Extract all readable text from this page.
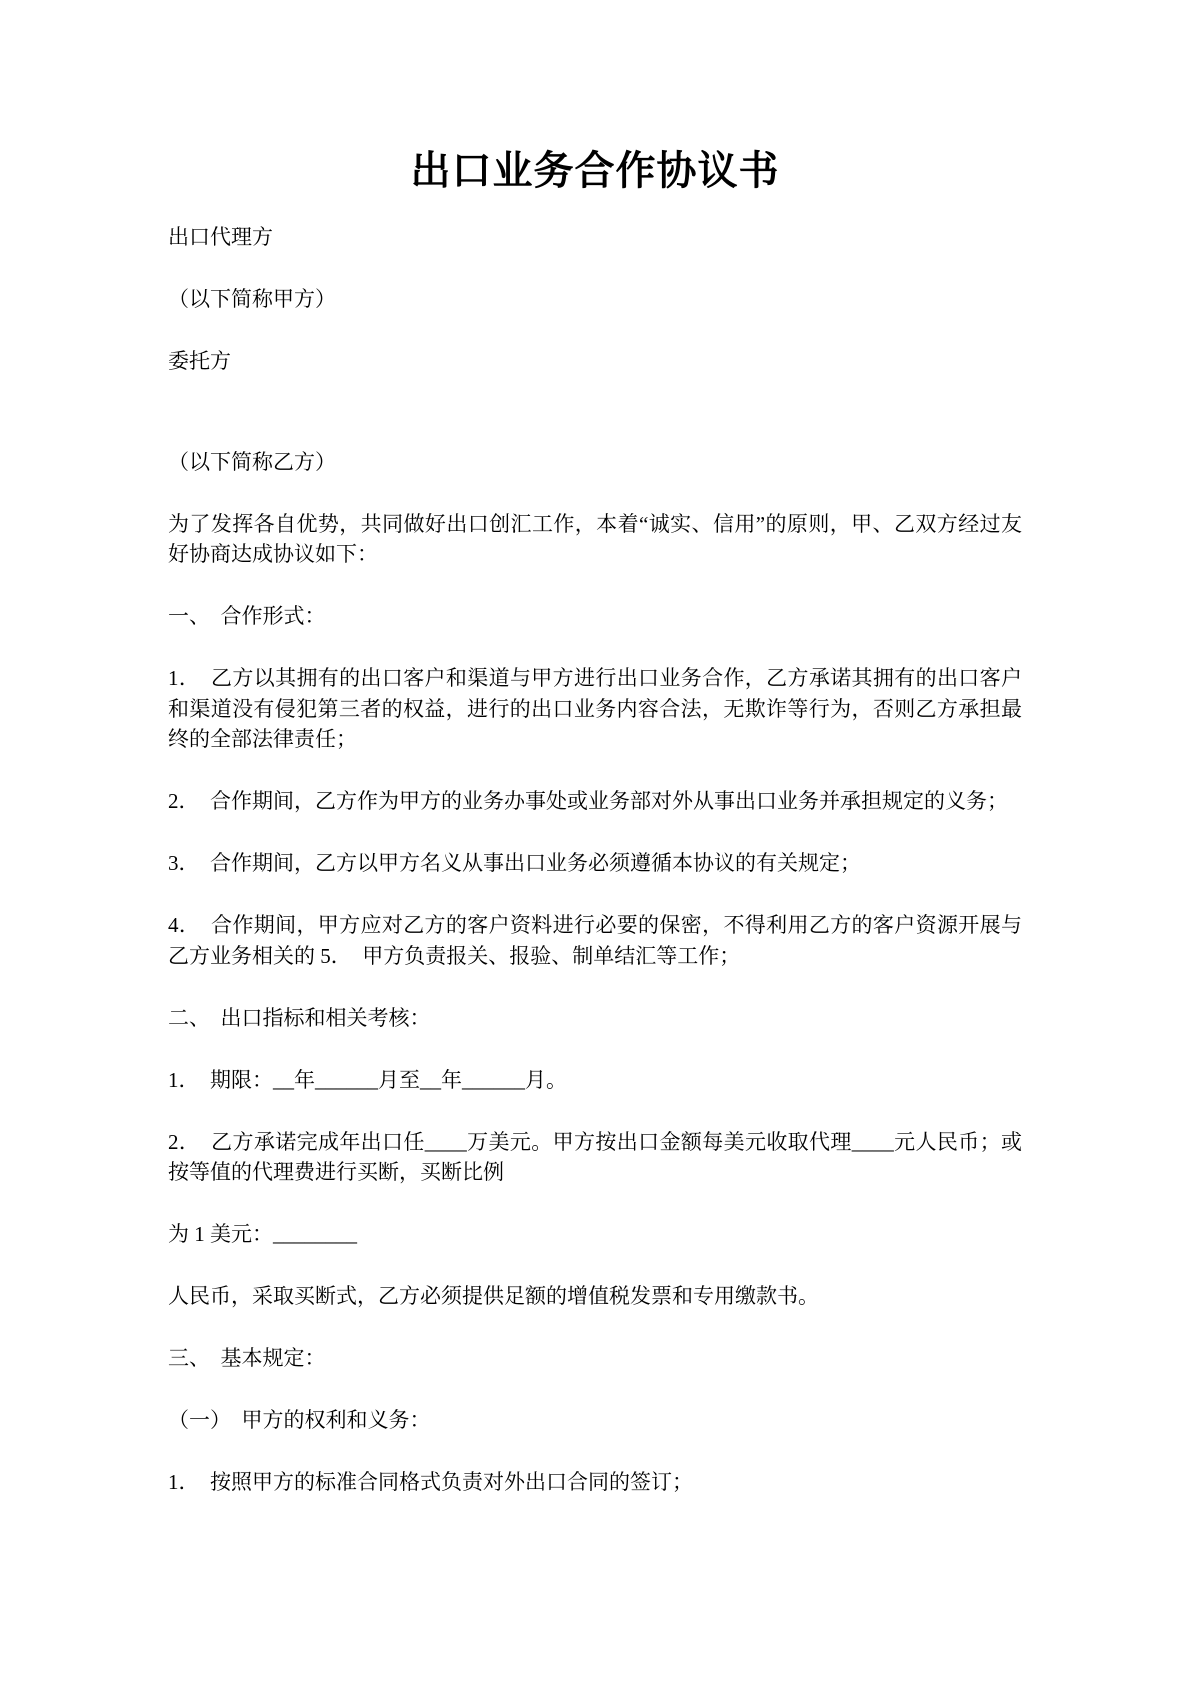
出口业务合作协议书

出口代理方

（以下简称甲方）

委托方

（以下简称乙方）

为了发挥各自优势，共同做好出口创汇工作，本着“诚实、信用”的原则，甲、乙双方经过友好协商达成协议如下：

一、　合作形式：

1．　乙方以其拥有的出口客户和渠道与甲方进行出口业务合作，乙方承诺其拥有的出口客户和渠道没有侵犯第三者的权益，进行的出口业务内容合法，无欺诈等行为，否则乙方承担最终的全部法律责任；

2．　合作期间，乙方作为甲方的业务办事处或业务部对外从事出口业务并承担规定的义务；

3．　合作期间，乙方以甲方名义从事出口业务必须遵循本协议的有关规定；

4．　合作期间，甲方应对乙方的客户资料进行必要的保密，不得利用乙方的客户资源开展与乙方业务相关的 5．　甲方负责报关、报验、制单结汇等工作；

二、　出口指标和相关考核：

1．　期限：__年______月至__年______月。

2．　乙方承诺完成年出口任____万美元。甲方按出口金额每美元收取代理____元人民币；或按等值的代理费进行买断，买断比例

为 1 美元：________

人民币，采取买断式，乙方必须提供足额的增值税发票和专用缴款书。

三、　基本规定：

（一）　甲方的权利和义务：

1．　按照甲方的标准合同格式负责对外出口合同的签订；
